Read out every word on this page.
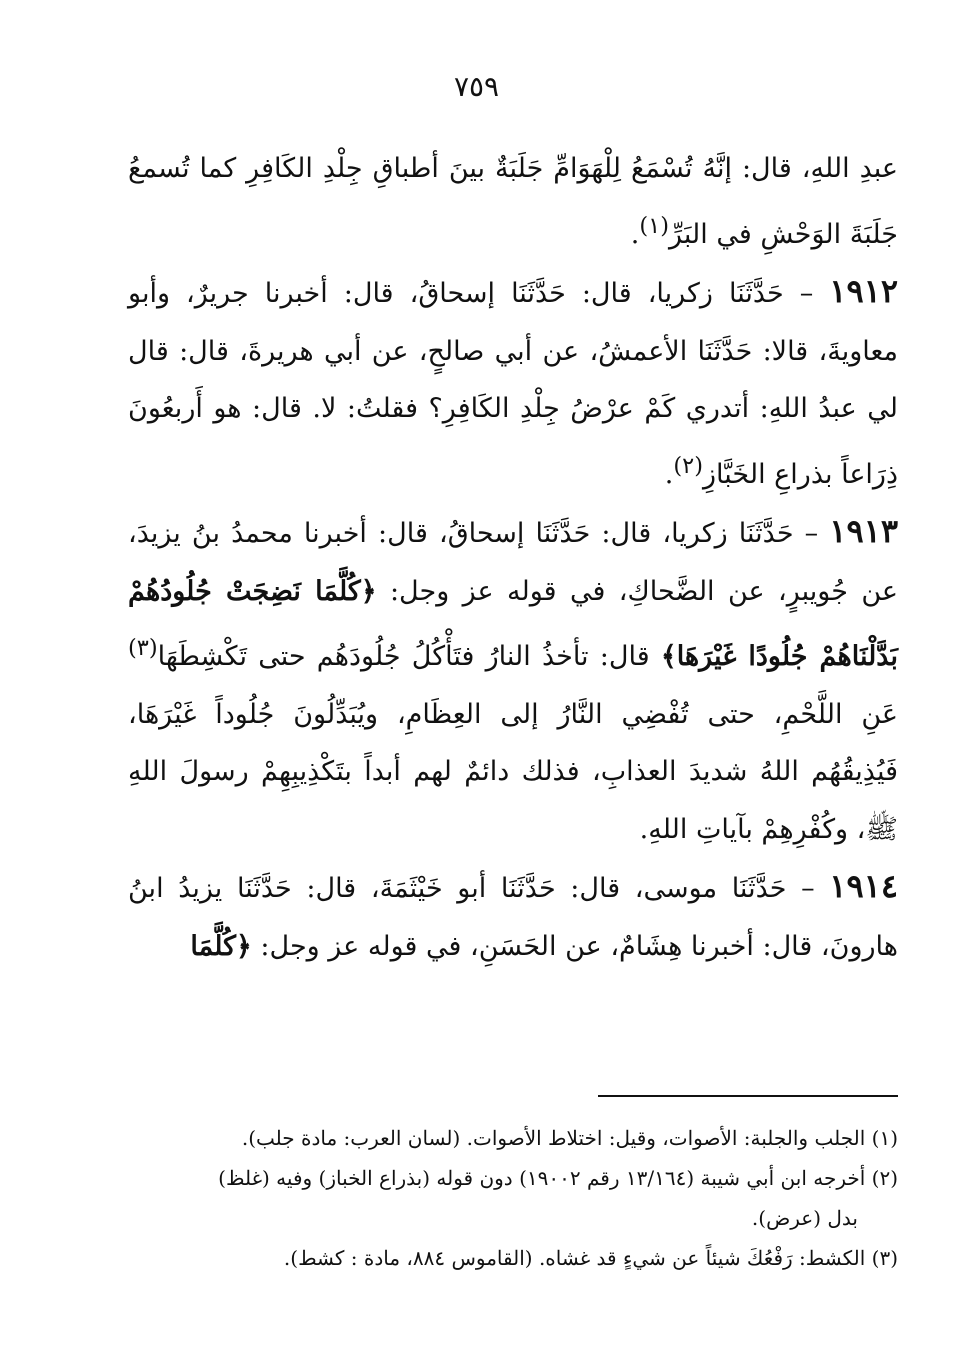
٧٥٩

عبدِ اللهِ، قال: إنَّهُ تُسْمَعُ لِلْهَوَامِّ جَلَبَةٌ بينَ أطباقِ جِلْدِ الكَافِرِ كما تُسمعُ جَلَبَةَ الوَحْشِ في البَرِّ$^{(١)}$.

١٩١٢ – حَدَّثَنَا زكريا، قال: حَدَّثَنَا إسحاقُ، قال: أخبرنا جريرٌ، وأبو معاويةَ، قالا: حَدَّثَنَا الأعمشُ، عن أبي صالحٍ، عن أبي هريرةَ، قال: قال لي عبدُ اللهِ: أتدري كَمْ عرْضُ جِلْدِ الكَافِرِ؟ فقلتُ: لا. قال: هو أَربعُونَ ذِرَاعاً بذراعِ الخَبَّازِ$^{(٢)}$.

١٩١٣ – حَدَّثَنَا زكريا، قال: حَدَّثَنَا إسحاقُ، قال: أخبرنا محمدُ بنُ يزيدَ، عن جُويبرٍ، عن الضَّحاكِ، في قوله عز وجل: ﴿كُلَّمَا نَضِجَتْ جُلُودُهُمْ بَدَّلْنَاهُمْ جُلُودًا غَيْرَهَا﴾ قال: تأخذُ النارُ فتَأْكُلُ جُلُودَهُم حتى تَكْشِطَهَا$^{(٣)}$ عَنِ اللَّحْمِ، حتى تُفْضِي النَّارُ إلى العِظَامِ، ويُبَدِّلُونَ جُلُوداً غَيْرَهَا، فَيُذِيقُهُم اللهُ شديدَ العذابِ، فذلك دائمٌ لهم أبداً بتَكْذِيبِهِمْ رسولَ اللهِ ﷺ، وكُفْرِهِمْ بآياتِ اللهِ.

١٩١٤ – حَدَّثَنَا موسى، قال: حَدَّثَنَا أبو خَيْثَمَةَ، قال: حَدَّثَنَا يزيدُ ابنُ هارونَ، قال: أخبرنا هِشَامٌ، عن الحَسَنِ، في قوله عز وجل: ﴿كُلَّمَا

(١) الجلب والجلبة: الأصوات، وقيل: اختلاط الأصوات. (لسان العرب: مادة جلب).

(٢) أخرجه ابن أبي شيبة (١٣/١٦٤ رقم ١٩٠٠٢) دون قوله (بذراع الخباز) وفيه (غلظ)

بدل (عرض).

(٣) الكشط: رَفْعُكَ شيئاً عن شيءٍ قد غشاه. (القاموس ٨٨٤، مادة : كشط).
